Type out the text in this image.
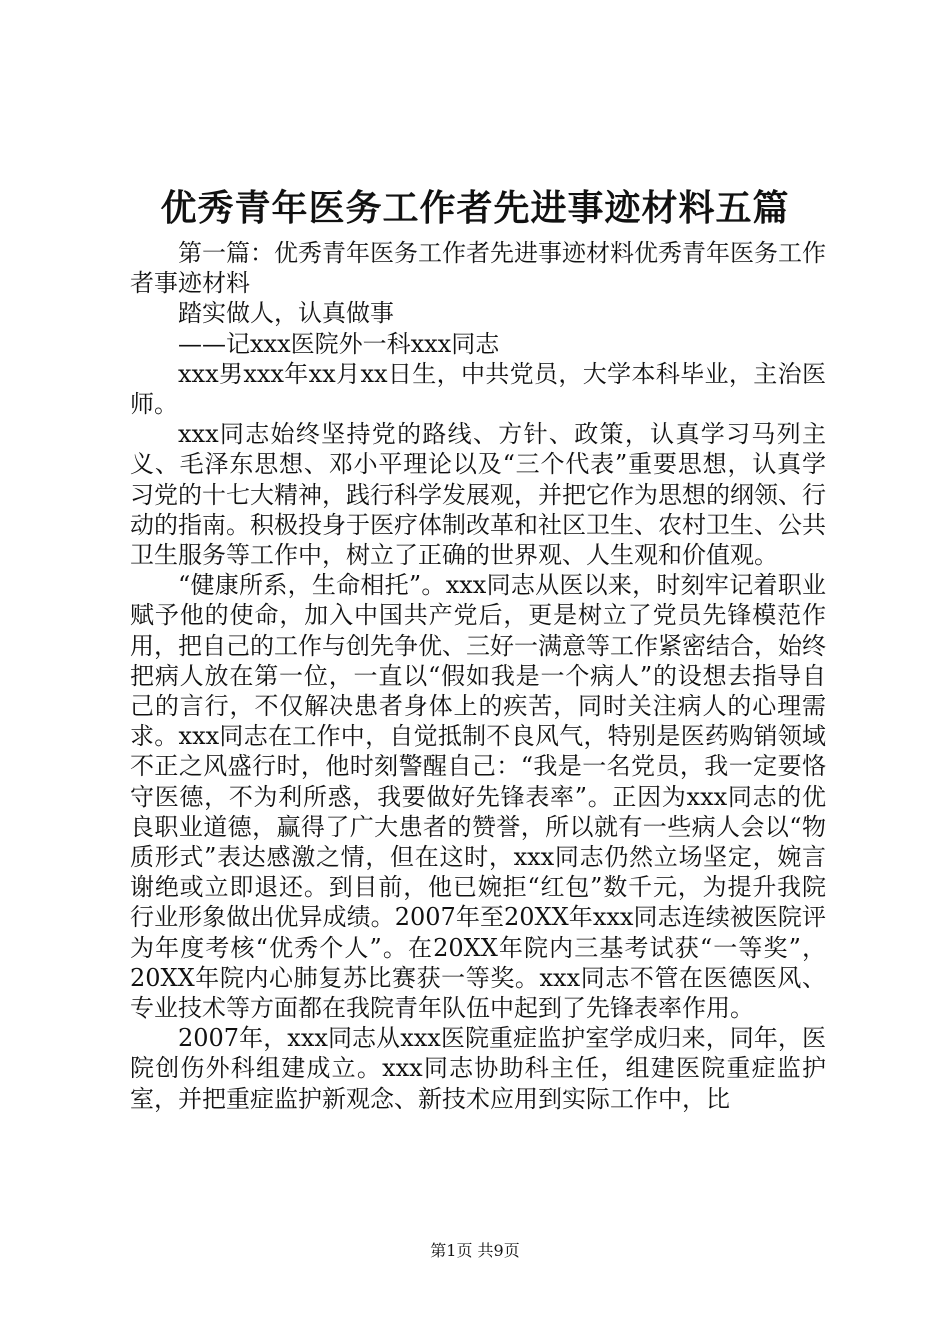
优秀青年医务工作者先进事迹材料五篇

第一篇：优秀青年医务工作者先进事迹材料优秀青年医务工作者事迹材料

踏实做人，认真做事

——记xxx医院外一科xxx同志

xxx男xxx年xx月xx日生，中共党员，大学本科毕业，主治医师。

xxx同志始终坚持党的路线、方针、政策，认真学习马列主义、毛泽东思想、邓小平理论以及“三个代表”重要思想，认真学习党的十七大精神，践行科学发展观，并把它作为思想的纲领、行动的指南。积极投身于医疗体制改革和社区卫生、农村卫生、公共卫生服务等工作中，树立了正确的世界观、人生观和价值观。

“健康所系，生命相托”。xxx同志从医以来，时刻牢记着职业赋予他的使命，加入中国共产党后，更是树立了党员先锋模范作用，把自己的工作与创先争优、三好一满意等工作紧密结合，始终把病人放在第一位，一直以“假如我是一个病人”的设想去指导自己的言行，不仅解决患者身体上的疾苦，同时关注病人的心理需求。xxx同志在工作中，自觉抵制不良风气，特别是医药购销领域不正之风盛行时，他时刻警醒自己：“我是一名党员，我一定要恪守医德，不为利所惑，我要做好先锋表率”。正因为xxx同志的优良职业道德，赢得了广大患者的赞誉，所以就有一些病人会以“物质形式”表达感激之情，但在这时，xxx同志仍然立场坚定，婉言谢绝或立即退还。到目前，他已婉拒“红包”数千元，为提升我院行业形象做出优异成绩。2007年至20XX年xxx同志连续被医院评为年度考核“优秀个人”。在20XX年院内三基考试获“一等奖”，20XX年院内心肺复苏比赛获一等奖。xxx同志不管在医德医风、专业技术等方面都在我院青年队伍中起到了先锋表率作用。

2007年，xxx同志从xxx医院重症监护室学成归来，同年，医院创伤外科组建成立。xxx同志协助科主任，组建医院重症监护室，并把重症监护新观念、新技术应用到实际工作中，比

第1页 共9页
